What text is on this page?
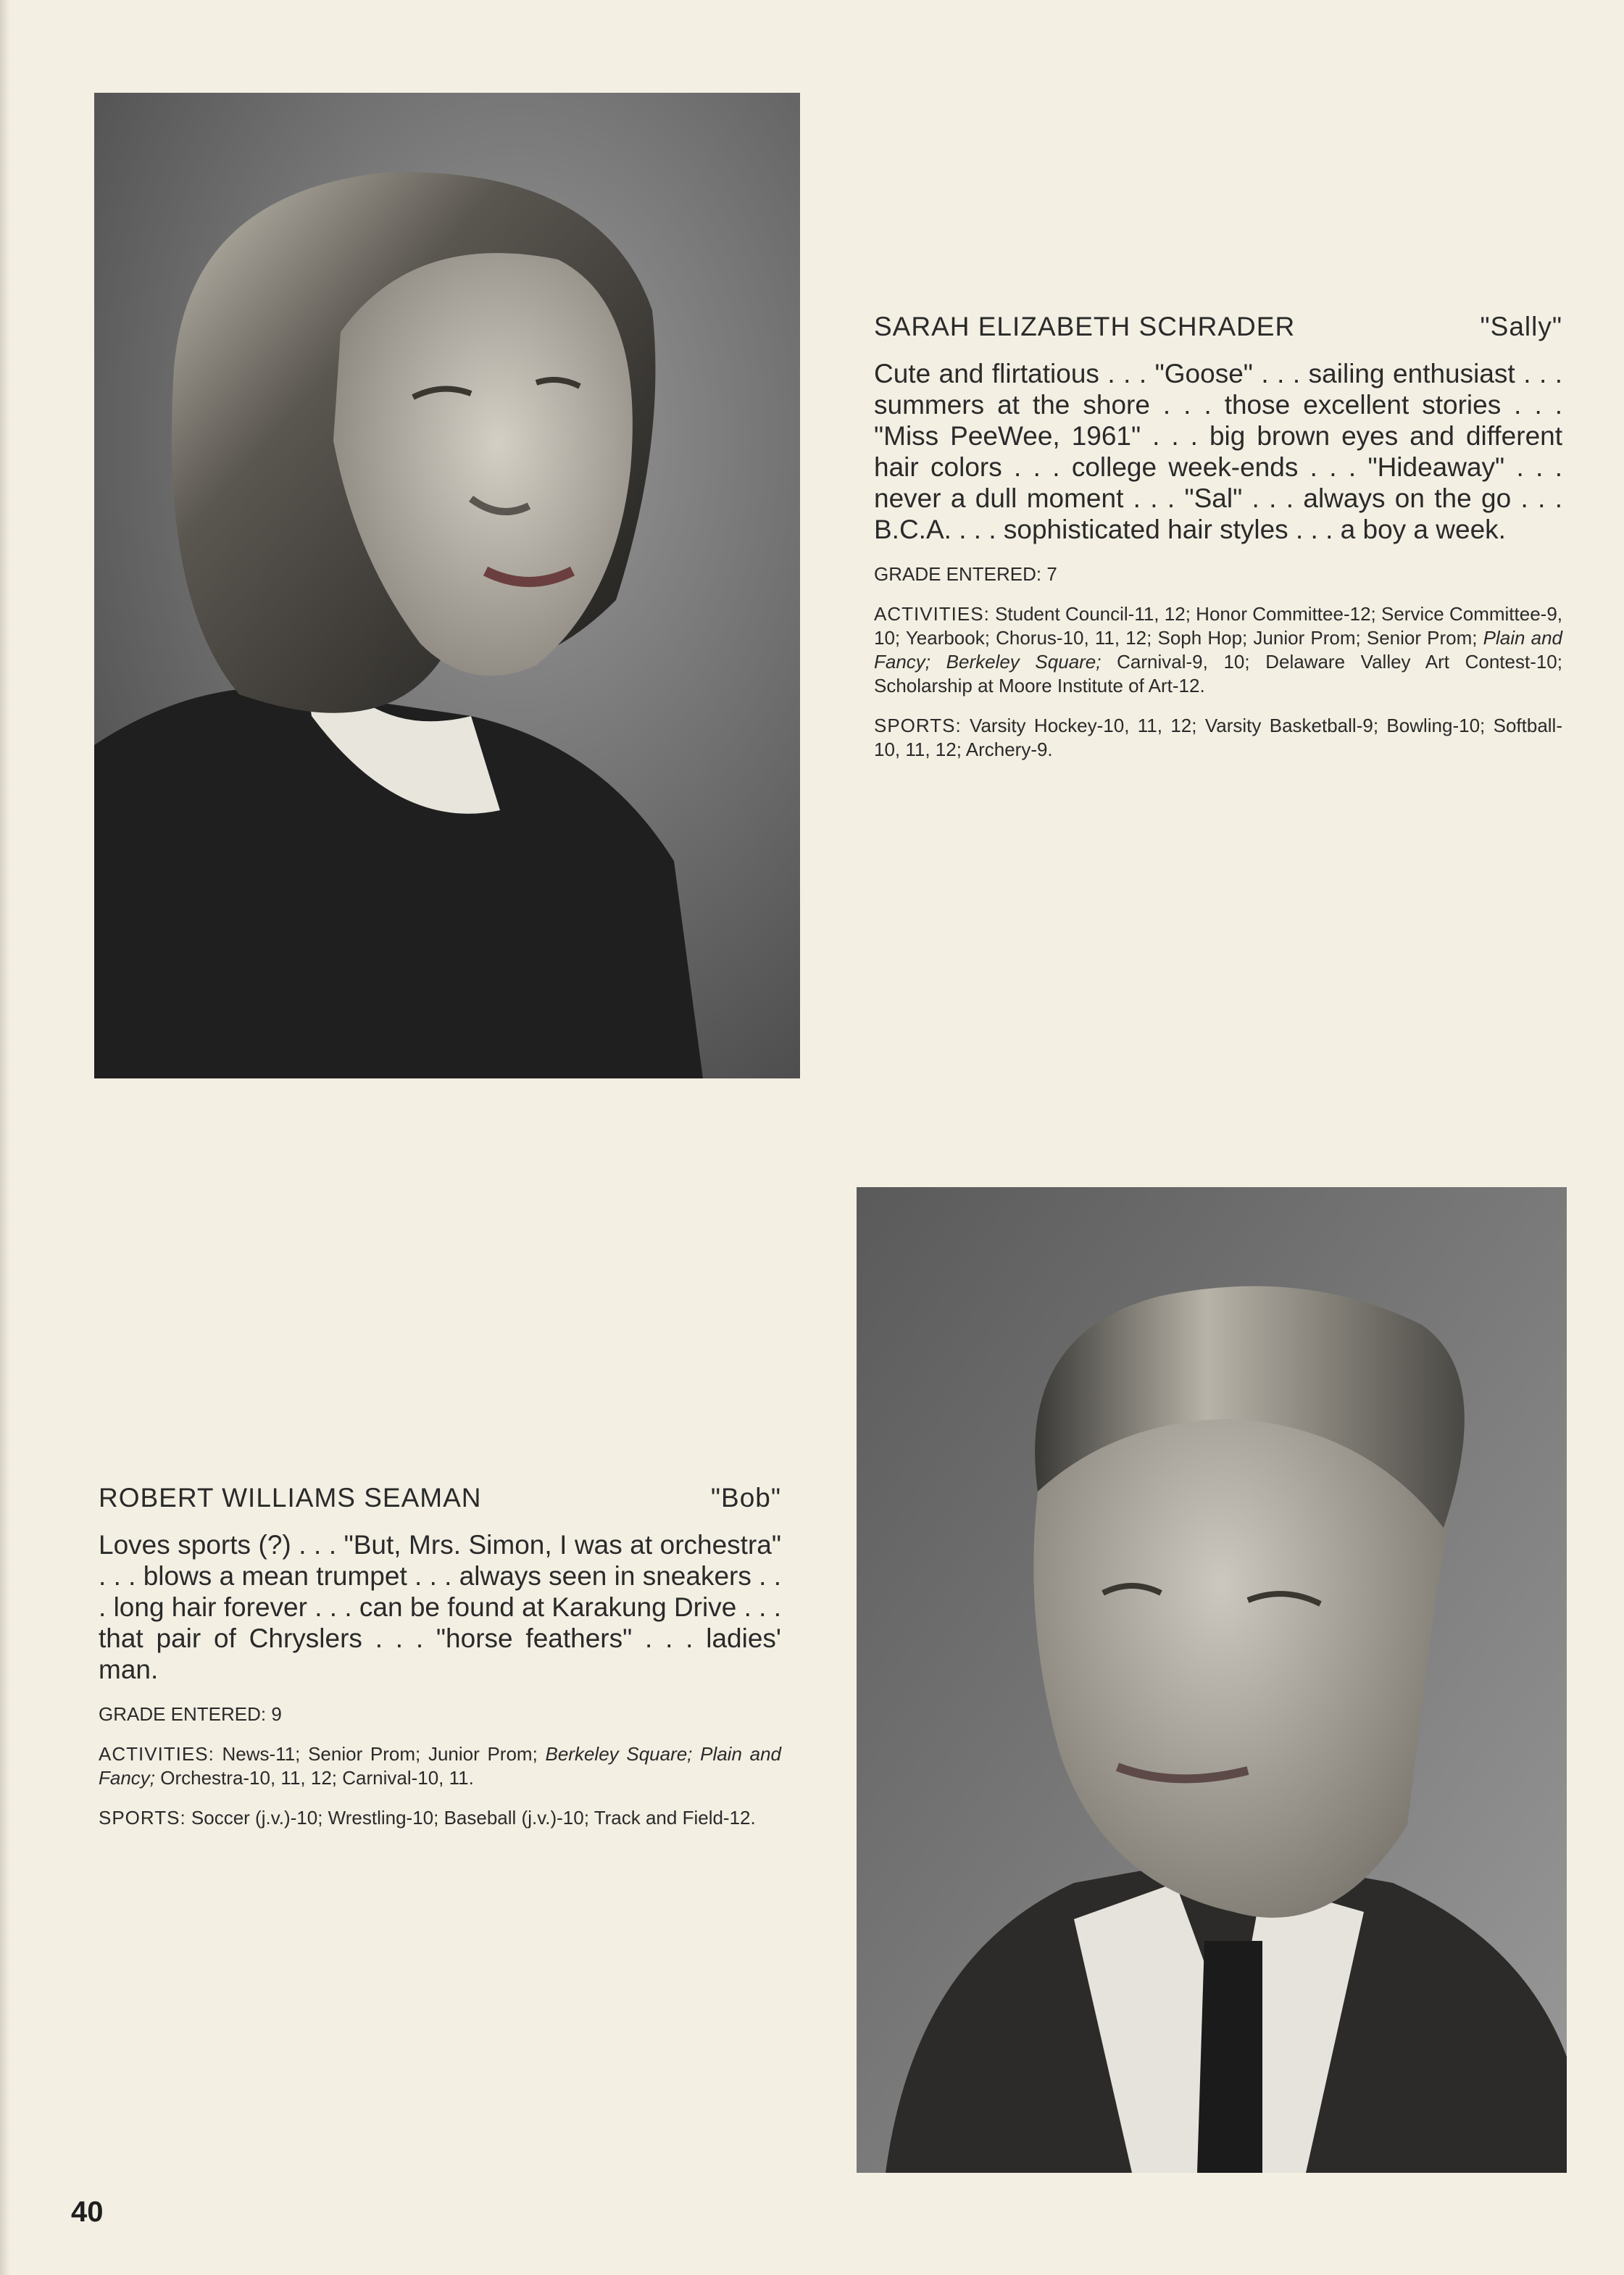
SARAH ELIZABETH SCHRADER	"Sally"

Cute and flirtatious . . . "Goose" . . . sailing enthusiast . . . summers at the shore . . . those excellent stories . . . "Miss PeeWee, 1961" . . . big brown eyes and different hair colors . . . college week-ends . . . "Hideaway" . . . never a dull moment . . . "Sal" . . . always on the go . . . B.C.A. . . . sophisticated hair styles . . . a boy a week.

GRADE ENTERED: 7

ACTIVITIES: Student Council-11, 12; Honor Committee-12; Service Committee-9, 10; Yearbook; Chorus-10, 11, 12; Soph Hop; Junior Prom; Senior Prom; Plain and Fancy; Berkeley Square; Carnival-9, 10; Delaware Valley Art Contest-10; Scholarship at Moore Institute of Art-12.

SPORTS: Varsity Hockey-10, 11, 12; Varsity Basketball-9; Bowling-10; Softball-10, 11, 12; Archery-9.

ROBERT WILLIAMS SEAMAN	"Bob"

Loves sports (?) . . . "But, Mrs. Simon, I was at orchestra" . . . blows a mean trumpet . . . always seen in sneakers . . . long hair forever . . . can be found at Karakung Drive . . . that pair of Chryslers . . . "horse feathers" . . . ladies' man.

GRADE ENTERED: 9

ACTIVITIES: News-11; Senior Prom; Junior Prom; Berkeley Square; Plain and Fancy; Orchestra-10, 11, 12; Carnival-10, 11.

SPORTS: Soccer (j.v.)-10; Wrestling-10; Baseball (j.v.)-10; Track and Field-12.

40
